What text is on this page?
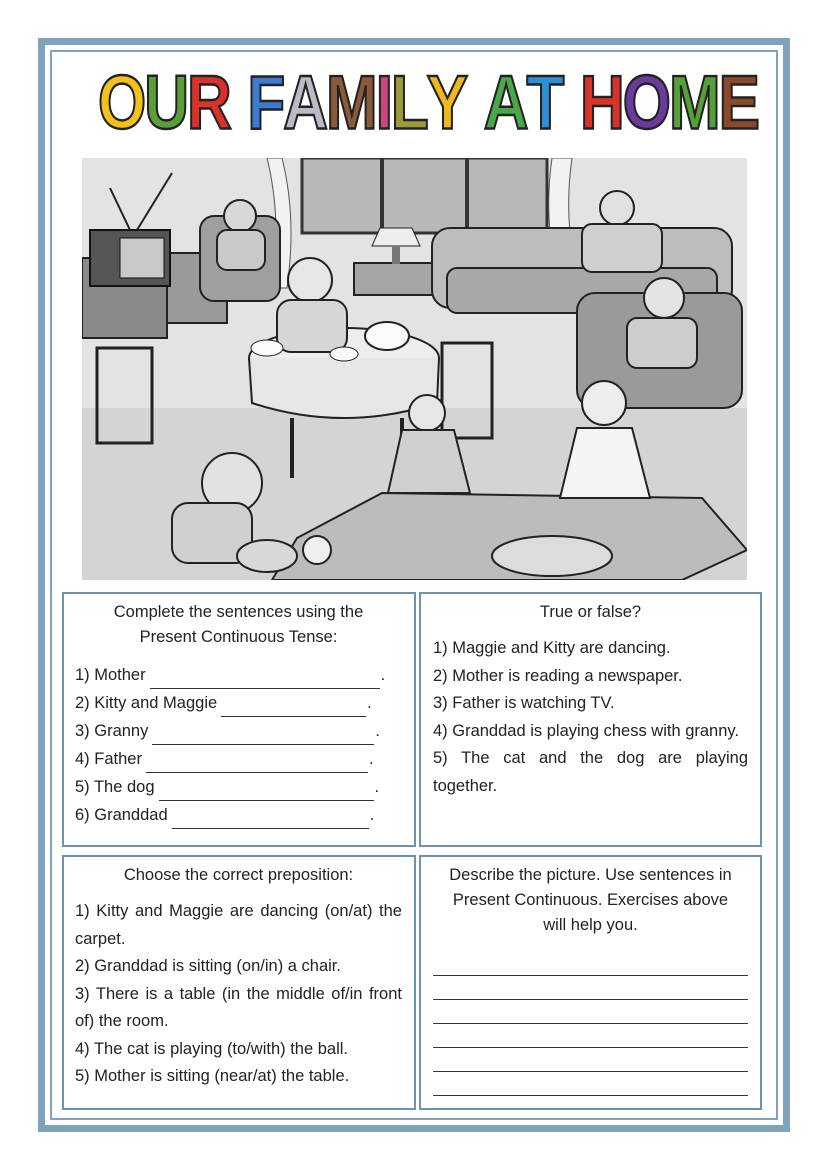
O U R F A M I L Y A T H O M E
Complete the sentences using the
Present Continuous Tense:
1) Mother	.
2) Kitty and Maggie	.
3) Granny	.
4) Father	.
5) The dog	.
6) Granddad	.
True or false?

1) Maggie and Kitty are dancing.

2) Mother is reading a newspaper.

3) Father is watching TV.

4) Granddad is playing chess with granny.

5) The cat and the dog are playing together.

Choose the correct preposition:

1) Kitty and Maggie are dancing (on/at) the carpet.

2) Granddad is sitting (on/in) a chair.

3) There is a table (in the middle of/in front of) the room.

4) The cat is playing (to/with) the ball.

5) Mother is sitting (near/at) the table.

Describe the picture. Use sentences in
Present Continuous. Exercises above
will help you.
